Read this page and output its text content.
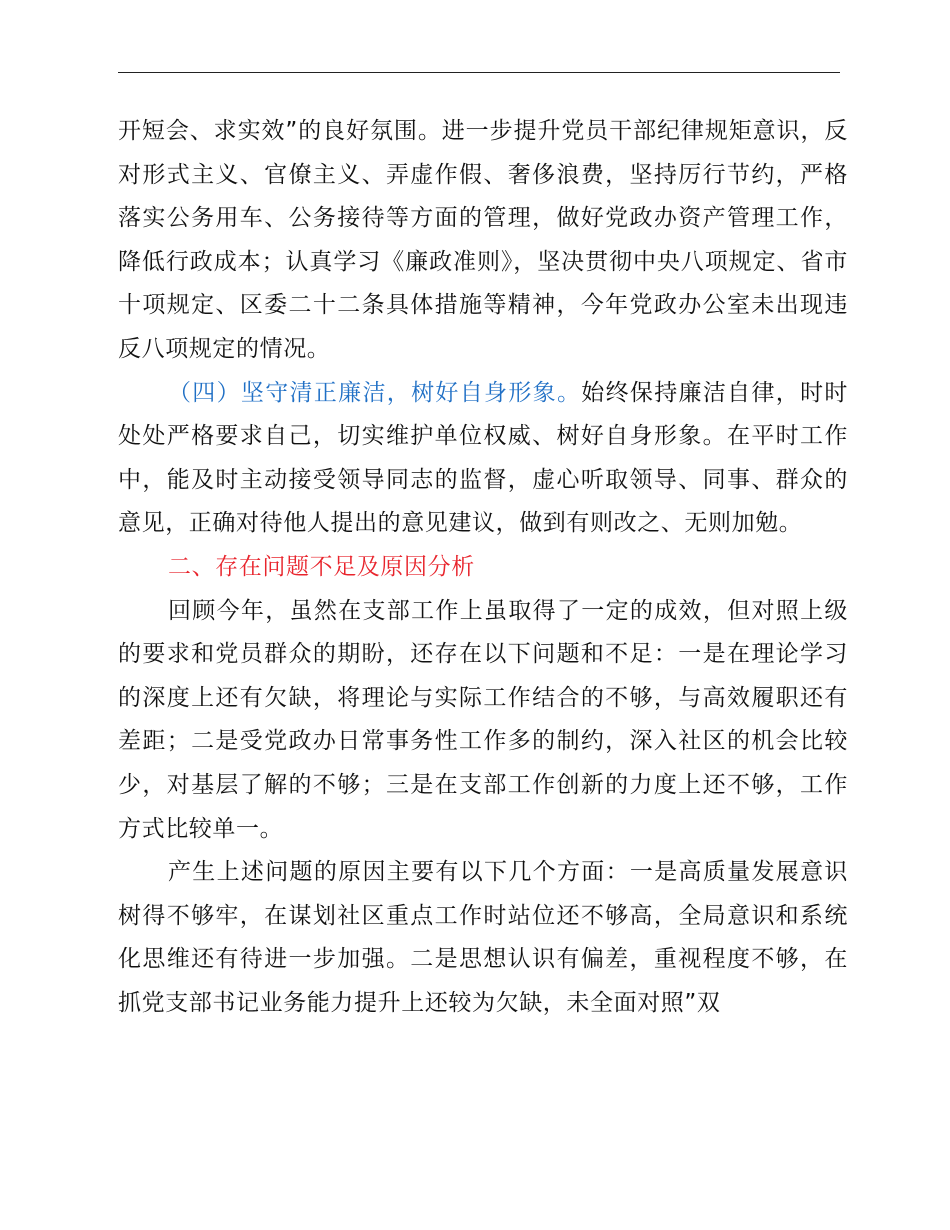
开短会、求实效”的良好氛围。进一步提升党员干部纪律规矩意识，反对形式主义、官僚主义、弄虚作假、奢侈浪费，坚持厉行节约，严格落实公务用车、公务接待等方面的管理，做好党政办资产管理工作，降低行政成本；认真学习《廉政准则》，坚决贯彻中央八项规定、省市十项规定、区委二十二条具体措施等精神，今年党政办公室未出现违反八项规定的情况。

（四）坚守清正廉洁，树好自身形象。始终保持廉洁自律，时时处处严格要求自己，切实维护单位权威、树好自身形象。在平时工作中，能及时主动接受领导同志的监督，虚心听取领导、同事、群众的意见，正确对待他人提出的意见建议，做到有则改之、无则加勉。

二、存在问题不足及原因分析

回顾今年，虽然在支部工作上虽取得了一定的成效，但对照上级的要求和党员群众的期盼，还存在以下问题和不足：一是在理论学习的深度上还有欠缺，将理论与实际工作结合的不够，与高效履职还有差距；二是受党政办日常事务性工作多的制约，深入社区的机会比较少，对基层了解的不够；三是在支部工作创新的力度上还不够，工作方式比较单一。

产生上述问题的原因主要有以下几个方面：一是高质量发展意识树得不够牢，在谋划社区重点工作时站位还不够高，全局意识和系统化思维还有待进一步加强。二是思想认识有偏差，重视程度不够，在抓党支部书记业务能力提升上还较为欠缺，未全面对照”双
